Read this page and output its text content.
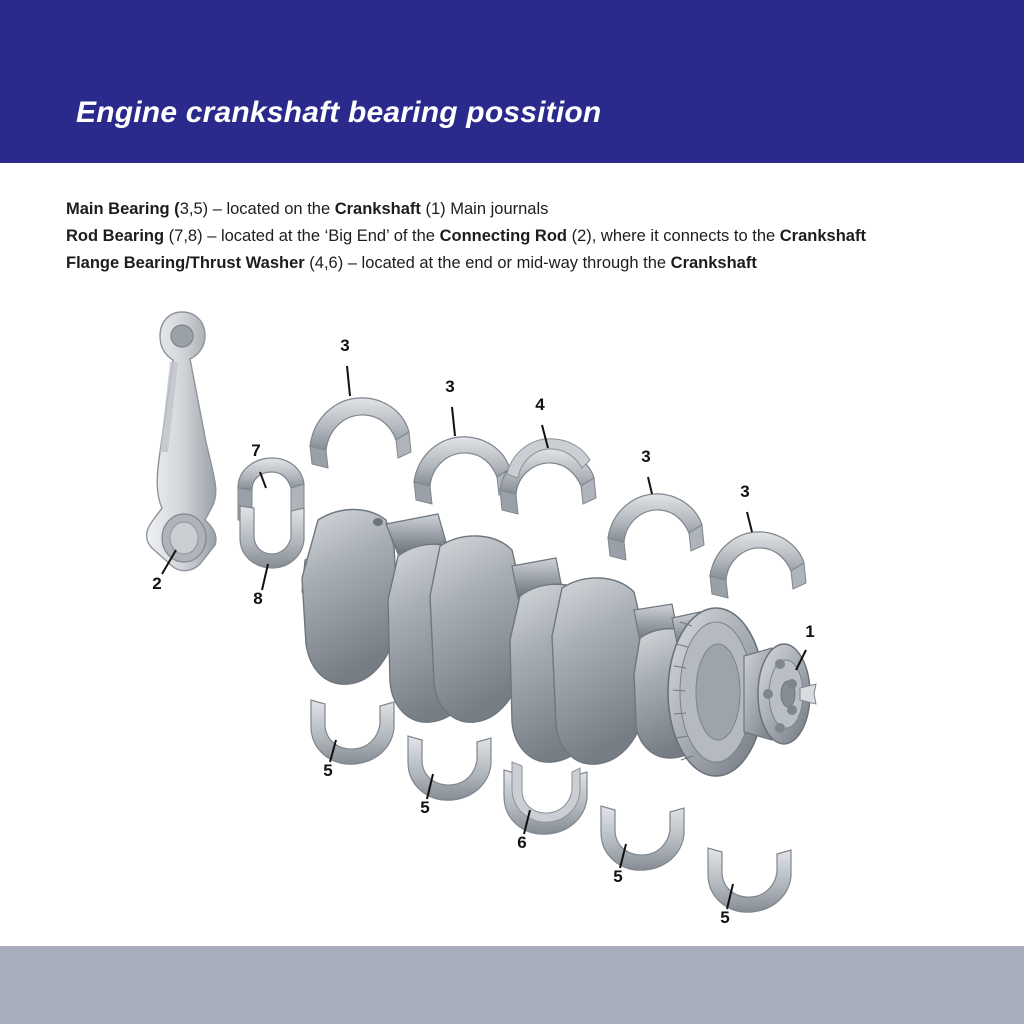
Engine crankshaft bearing possition
Main Bearing (3,5) – located on the Crankshaft (1) Main journals
Rod Bearing (7,8) – located at the ‘Big End’ of the Connecting Rod (2), where it connects to the Crankshaft
Flange Bearing/Thrust Washer (4,6) – located at the end or mid-way through the Crankshaft
2
7
8
3
3
4
3
3
1
5
5
6
5
5
